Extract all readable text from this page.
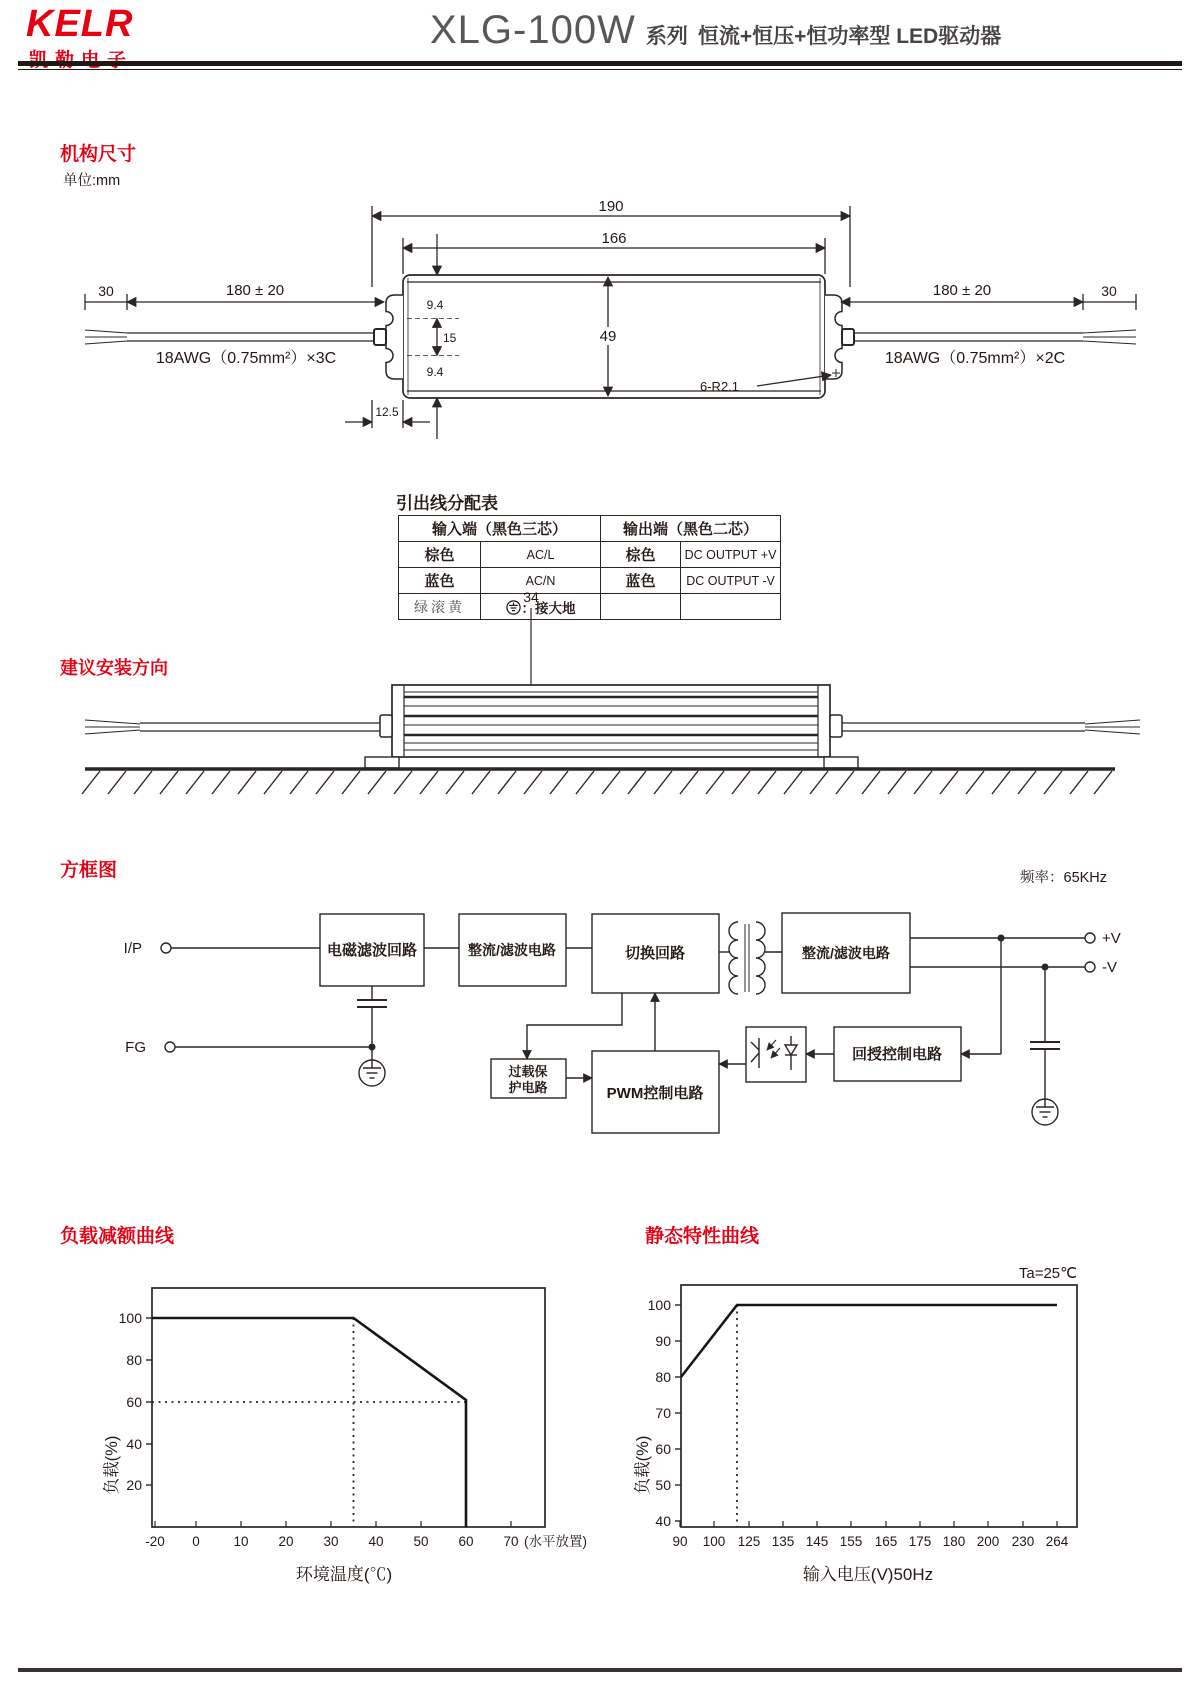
KELR	XLG-100W 系列 恒流+恒压+恒功率型 LED驱动器
机构尺寸
单位:mm
190
166
30	180 ± 20	180 ± 20	30
9.4
15
9.4
49
12.5
6-R2.1
18AWG（0.75mm²）×3C	18AWG（0.75mm²）×2C
引出线分配表
输入端（黑色三芯）		输出端（黑色二芯）	
棕色	AC/L	棕色	DC OUTPUT +V
蓝色	AC/N	蓝色	DC OUTPUT -V
绿滚黄	：接大地		
34
建议安装方向
方框图	频率：65KHz
I/P
FG
+V
-V
电磁滤波回路	整流/滤波电路	切换回路	整流/滤波电路
过载保
护电路	PWM控制电路
回授控制电路
负载减额曲线	静态特性曲线
100
80
60
40
20
-20 0 10 20 30 40 50 60 70 (水平放置)
负载(%)
环境温度(℃)
Ta=25℃
100
90
80
70
60
50
40
90 100 125 135 145 155 165 175 180 200 230 264
负载(%)
输入电压(V)50Hz
